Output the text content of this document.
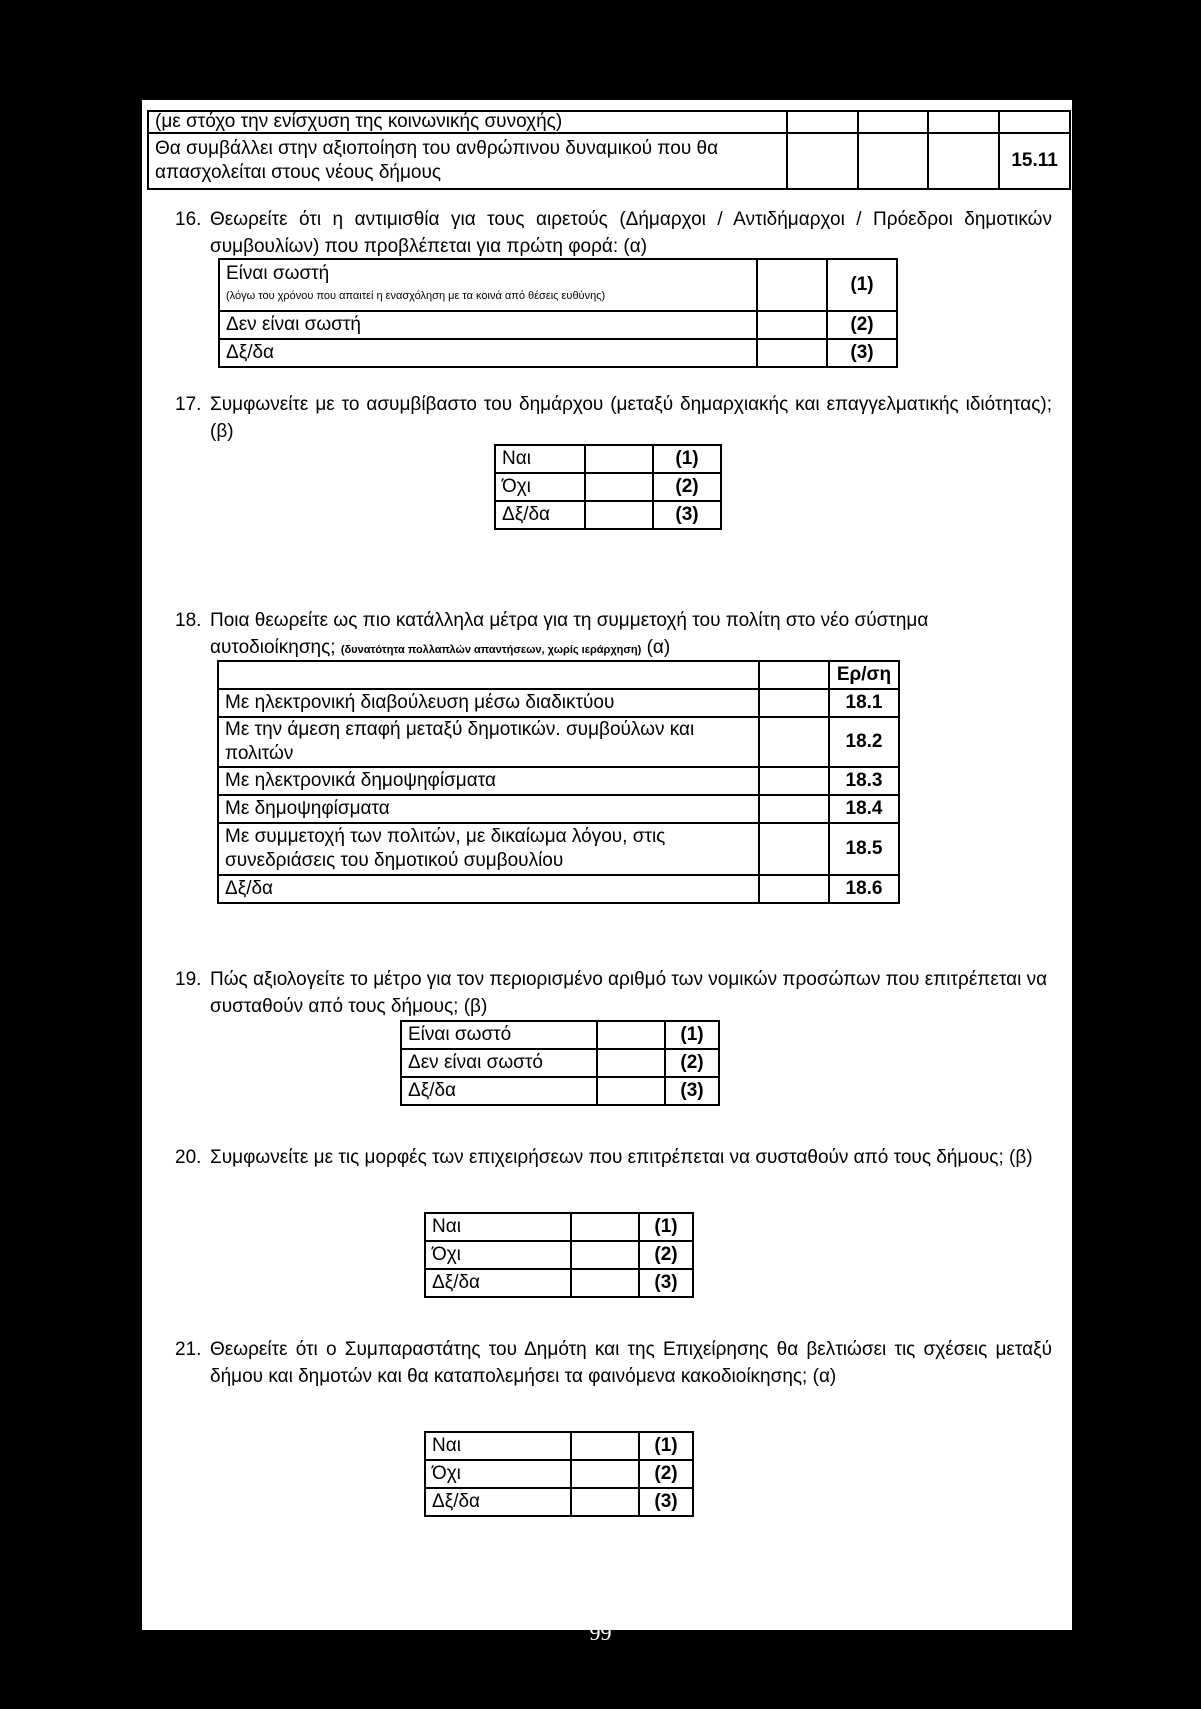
(με στόχο την ενίσχυση της κοινωνικής συνοχής)				
Θα συμβάλλει στην αξιοποίηση του ανθρώπινου δυναμικού που θα απασχολείται στους νέους δήμους				15.11
16. Θεωρείτε ότι η αντιμισθία για τους αιρετούς (Δήμαρχοι / Αντιδήμαρχοι / Πρόεδροι δημοτικών συμβουλίων) που προβλέπεται για πρώτη φορά: (α)
Είναι σωστή
(λόγω του χρόνου που απαιτεί η ενασχόληση με τα κοινά από θέσεις ευθύνης)		(1)
Δεν είναι σωστή		(2)
Δξ/δα		(3)
17. Συμφωνείτε με το ασυμβίβαστο του δημάρχου (μεταξύ δημαρχιακής και επαγγελματικής ιδιότητας); (β)
Ναι		(1)
Όχι		(2)
Δξ/δα		(3)
18. Ποια θεωρείτε ως πιο κατάλληλα μέτρα για τη συμμετοχή του πολίτη στο νέο σύστημα αυτοδιοίκησης; (δυνατότητα πολλαπλών απαντήσεων, χωρίς ιεράρχηση) (α)
		Ερ/ση
Με ηλεκτρονική διαβούλευση μέσω διαδικτύου		18.1
Με την άμεση επαφή μεταξύ δημοτικών. συμβούλων και πολιτών		18.2
Με ηλεκτρονικά δημοψηφίσματα		18.3
Με δημοψηφίσματα		18.4
Με συμμετοχή των πολιτών, με δικαίωμα λόγου, στις συνεδριάσεις του δημοτικού συμβουλίου		18.5
Δξ/δα		18.6
19. Πώς αξιολογείτε το μέτρο για τον περιορισμένο αριθμό των νομικών προσώπων που επιτρέπεται να συσταθούν από τους δήμους; (β)
Είναι σωστό		(1)
Δεν είναι σωστό		(2)
Δξ/δα		(3)
20. Συμφωνείτε με τις μορφές των επιχειρήσεων που επιτρέπεται να συσταθούν από τους δήμους; (β)
Ναι		(1)
Όχι		(2)
Δξ/δα		(3)
21. Θεωρείτε ότι ο Συμπαραστάτης του Δημότη και της Επιχείρησης θα βελτιώσει τις σχέσεις μεταξύ δήμου και δημοτών και θα καταπολεμήσει τα φαινόμενα κακοδιοίκησης; (α)
Ναι		(1)
Όχι		(2)
Δξ/δα		(3)
99
